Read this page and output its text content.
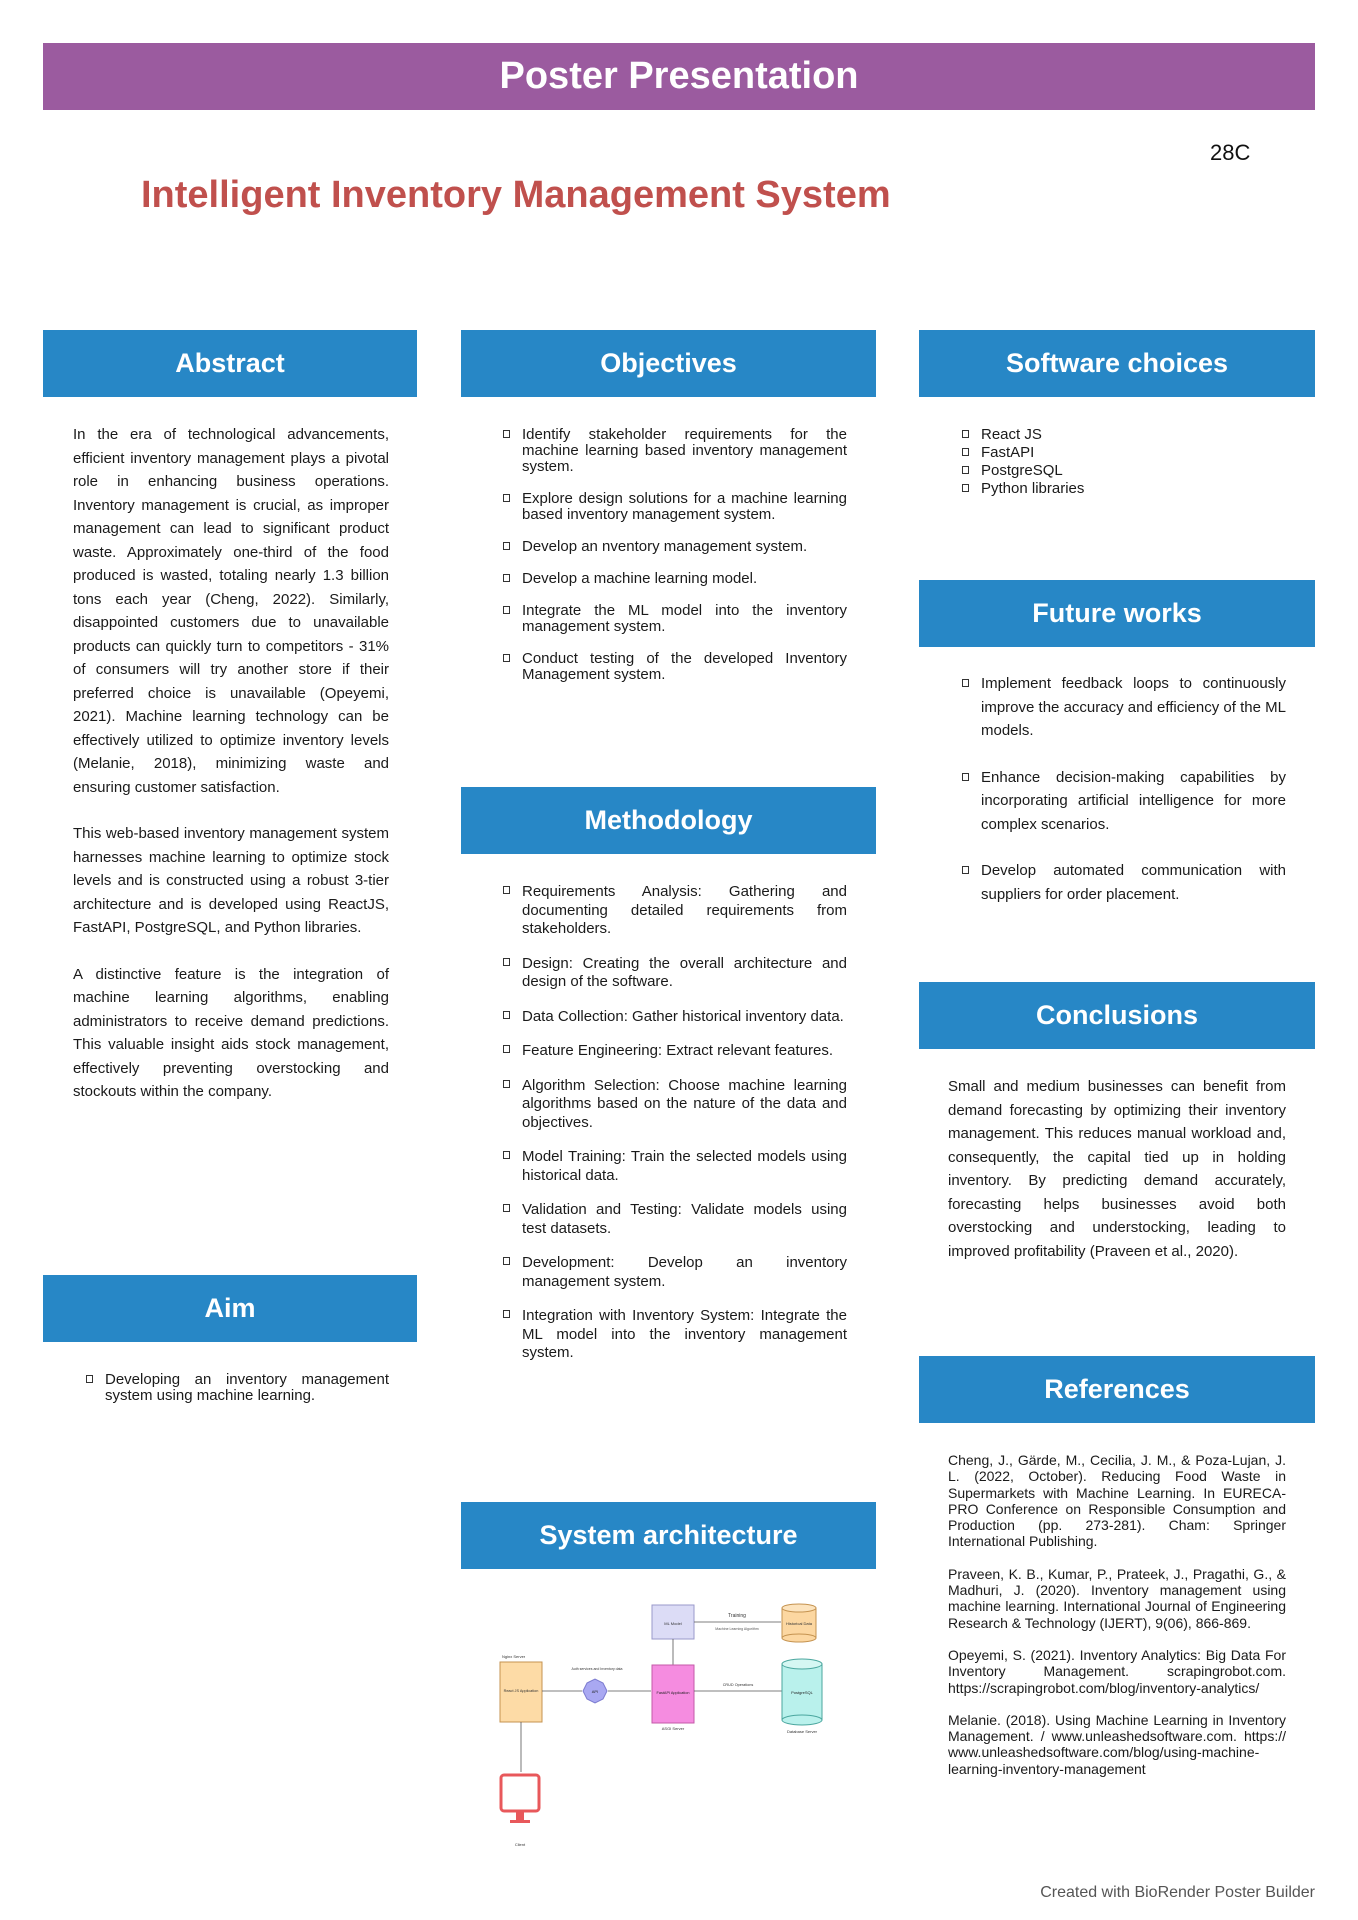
Poster Presentation
28C
Intelligent Inventory Management System
Abstract

In the era of technological advancements, efficient inventory management plays a pivotal role in enhancing business operations. Inventory management is crucial, as improper management can lead to significant product waste. Approximately one-third of the food produced is wasted, totaling nearly 1.3 billion tons each year (Cheng, 2022). Similarly, disappointed customers due to unavailable products can quickly turn to competitors - 31% of consumers will try another store if their preferred choice is unavailable (Opeyemi, 2021). Machine learning technology can be effectively utilized to optimize inventory levels (Melanie, 2018), minimizing waste and ensuring customer satisfaction.

This web-based inventory management system harnesses machine learning to optimize stock levels and is constructed using a robust 3-tier architecture and is developed using ReactJS, FastAPI, PostgreSQL, and Python libraries.

A distinctive feature is the integration of machine learning algorithms, enabling administrators to receive demand predictions. This valuable insight aids stock management, effectively preventing overstocking and stockouts within the company.

Aim
Developing an inventory management system using machine learning.
Objectives
Identify stakeholder requirements for the machine learning based inventory management system.
Explore design solutions for a machine learning based inventory management system.
Develop an nventory management system.
Develop a machine learning model.
Integrate the ML model into the inventory management system.
Conduct testing of the developed Inventory Management system.
Methodology
Requirements Analysis: Gathering and documenting detailed requirements from stakeholders.
Design: Creating the overall architecture and design of the software.
Data Collection: Gather historical inventory data.
Feature Engineering: Extract relevant features.
Algorithm Selection: Choose machine learning algorithms based on the nature of the data and objectives.
Model Training: Train the selected models using historical data.
Validation and Testing: Validate models using test datasets.
Development: Develop an inventory management system.
Integration with Inventory System: Integrate the ML model into the inventory management system.
System architecture
ML Model	Historical Data
Training
Machine Learning Algorithm
Nginx Server
React JS Application
Auth services and Inventory data
API	FastAPI Application
ASGI Server
CRUD Operations
PostgreSQL
Database Server
Client
Software choices
React JS
FastAPI
PostgreSQL
Python libraries
Future works
Implement feedback loops to continuously improve the accuracy and efficiency of the ML models.
Enhance decision-making capabilities by incorporating artificial intelligence for more complex scenarios.
Develop automated communication with suppliers for order placement.
Conclusions
Small and medium businesses can benefit from demand forecasting by optimizing their inventory management. This reduces manual workload and, consequently, the capital tied up in holding inventory. By predicting demand accurately, forecasting helps businesses avoid both overstocking and understocking, leading to improved profitability (Praveen et al., 2020).
References

Cheng, J., Gärde, M., Cecilia, J. M., & Poza-Lujan, J. L. (2022, October). Reducing Food Waste in Supermarkets with Machine Learning. In EURECA-PRO Conference on Responsible Consumption and Production (pp. 273-281). Cham: Springer International Publishing.

Praveen, K. B., Kumar, P., Prateek, J., Pragathi, G., & Madhuri, J. (2020). Inventory management using machine learning. International Journal of Engineering Research & Technology (IJERT), 9(06), 866-869.

Opeyemi, S. (2021). Inventory Analytics: Big Data For Inventory Management. scrapingrobot.com. https://scrapingrobot.com/blog/inventory-analytics/

Melanie. (2018). Using Machine Learning in Inventory Management. / www.unleashedsoftware.com. https:// www.unleashedsoftware.com/blog/using-machine-learning-inventory-management

Created with BioRender Poster Builder
